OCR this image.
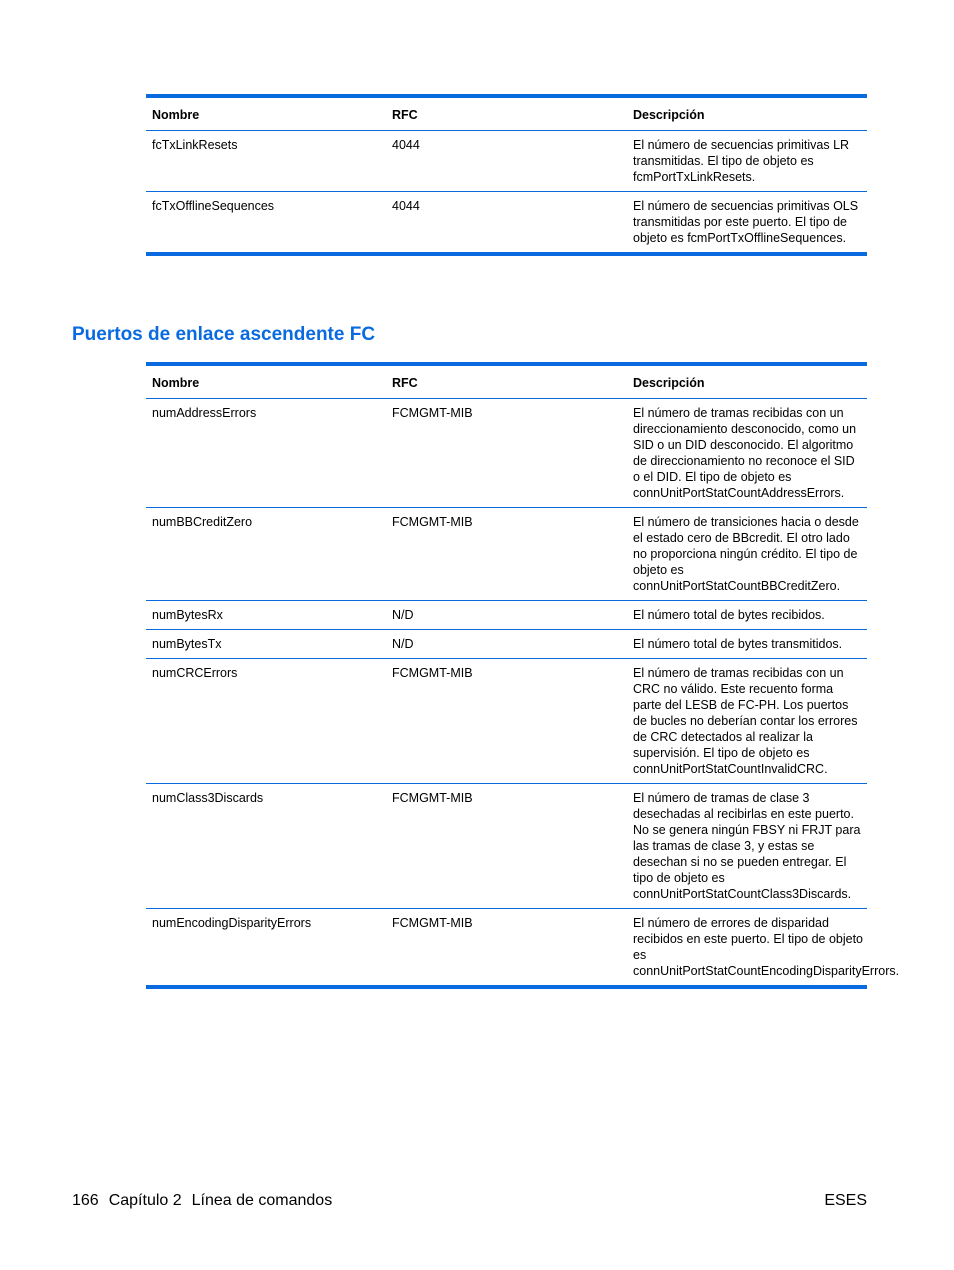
Nombre	RFC	Descripción
fcTxLinkResets	4044	El número de secuencias primitivas LR transmitidas. El tipo de objeto es fcmPortTxLinkResets.
fcTxOfflineSequences	4044	El número de secuencias primitivas OLS transmitidas por este puerto. El tipo de objeto es fcmPortTxOfflineSequences.
Puertos de enlace ascendente FC
Nombre	RFC	Descripción
numAddressErrors	FCMGMT-MIB	El número de tramas recibidas con un direccionamiento desconocido, como un SID o un DID desconocido. El algoritmo de direccionamiento no reconoce el SID o el DID. El tipo de objeto es connUnitPortStatCountAddressErrors.
numBBCreditZero	FCMGMT-MIB	El número de transiciones hacia o desde el estado cero de BBcredit. El otro lado no proporciona ningún crédito. El tipo de objeto es connUnitPortStatCountBBCreditZero.
numBytesRx	N/D	El número total de bytes recibidos.
numBytesTx	N/D	El número total de bytes transmitidos.
numCRCErrors	FCMGMT-MIB	El número de tramas recibidas con un CRC no válido. Este recuento forma parte del LESB de FC-PH. Los puertos de bucles no deberían contar los errores de CRC detectados al realizar la supervisión. El tipo de objeto es connUnitPortStatCountInvalidCRC.
numClass3Discards	FCMGMT-MIB	El número de tramas de clase 3 desechadas al recibirlas en este puerto. No se genera ningún FBSY ni FRJT para las tramas de clase 3, y estas se desechan si no se pueden entregar. El tipo de objeto es connUnitPortStatCountClass3Discards.
numEncodingDisparityErrors	FCMGMT-MIB	El número de errores de disparidad recibidos en este puerto. El tipo de objeto es connUnitPortStatCountEncodingDisparityErrors.
166 Capítulo 2 Línea de comandos	ESES
